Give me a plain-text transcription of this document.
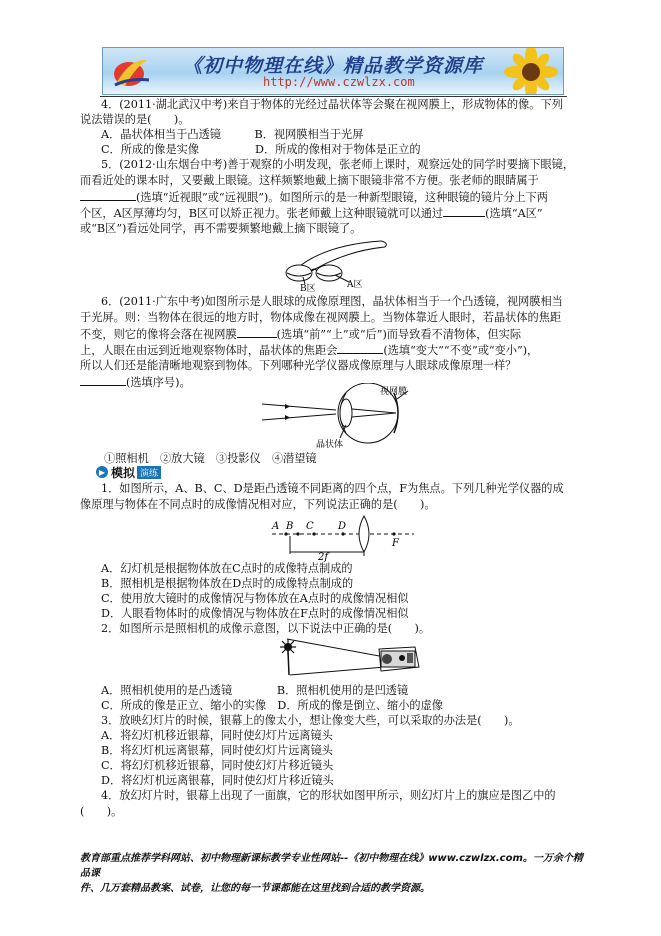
《初中物理在线》精品教学资源库
http://www.czwlzx.com
4．(2011·湖北武汉中考)来自于物体的光经过晶状体等会聚在视网膜上，形成物体的像。下列
说法错误的是(　　)。
A．晶状体相当于凸透镜　　　B．视网膜相当于光屏
C．所成的像是实像　　　　　D．所成的像相对于物体是正立的
5．(2012·山东烟台中考)善于观察的小明发现，张老师上课时，观察远处的同学时要摘下眼镜，
而看近处的课本时，又要戴上眼镜。这样频繁地戴上摘下眼镜非常不方便。张老师的眼睛属于
(选填“近视眼”或“远视眼”)。如图所示的是一种新型眼镜，这种眼镜的镜片分上下两
个区，A区厚薄均匀，B区可以矫正视力。张老师戴上这种眼镜就可以通过	(选填“A区”
或“B区”)看远处同学，再不需要频繁地戴上摘下眼镜了。
B区	A区
6．(2011·广东中考)如图所示是人眼球的成像原理图，晶状体相当于一个凸透镜，视网膜相当
于光屏。则：当物体在很远的地方时，物体成像在视网膜上。当物体靠近人眼时，若晶状体的焦距
不变，则它的像将会落在视网膜	(选填“前”“上”或“后”)而导致看不清物体，但实际
上，人眼在由远到近地观察物体时，晶状体的焦距会	(选填“变大”“不变”或“变小”)，
所以人们还是能清晰地观察到物体。下列哪种光学仪器成像原理与人眼球成像原理一样？
(选填序号)。
视网膜
晶状体
①照相机　②放大镜　③投影仪　④潜望镜
▶ 模拟 演练
1．如图所示，A、B、C、D是距凸透镜不同距离的四个点，F为焦点。下列几种光学仪器的成
像原理与物体在不同点时的成像情况相对应，下列说法正确的是(　　)。
A B C D
F
2f
A．幻灯机是根据物体放在C点时的成像特点制成的
B．照相机是根据物体放在D点时的成像特点制成的
C．使用放大镜时的成像情况与物体放在A点时的成像情况相似
D．人眼看物体时的成像情况与物体放在F点时的成像情况相似
2．如图所示是照相机的成像示意图，以下说法中正确的是(　　)。
A．照相机使用的是凸透镜　　　　B．照相机使用的是凹透镜
C．所成的像是正立、缩小的实像　D．所成的像是倒立、缩小的虚像
3．放映幻灯片的时候，银幕上的像太小，想让像变大些，可以采取的办法是(　　)。
A．将幻灯机移近银幕，同时使幻灯片远离镜头
B．将幻灯机远离银幕，同时使幻灯片远离镜头
C．将幻灯机移近银幕，同时使幻灯片移近镜头
D．将幻灯机远离银幕，同时使幻灯片移近镜头
4．放幻灯片时，银幕上出现了一面旗，它的形状如图甲所示，则幻灯片上的旗应是图乙中的
(　　)。
教育部重点推荐学科网站、初中物理新课标教学专业性网站--《初中物理在线》www.czwlzx.com。一万余个精品课
件、几万套精品教案、试卷，让您的每一节课都能在这里找到合适的教学资源。
